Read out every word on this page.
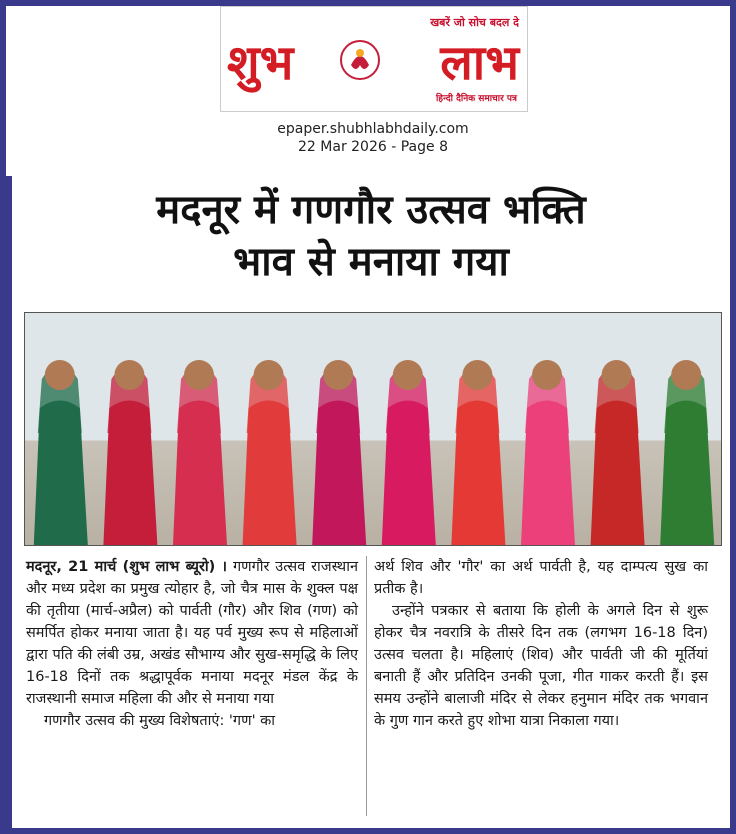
खबरें जो सोच बदल दे
शुभ	लाभ
हिन्दी दैनिक समाचार पत्र
epaper.shubhlabhdaily.com
22 Mar 2026 - Page 8
मदनूर में गणगौर उत्सव भक्ति
भाव से मनाया गया

मदनूर, 21 मार्च (शुभ लाभ ब्यूरो) । गणगौर उत्सव राजस्थान और मध्य प्रदेश का प्रमुख त्योहार है, जो चैत्र मास के शुक्ल पक्ष की तृतीया (मार्च-अप्रैल) को पार्वती (गौर) और शिव (गण) को समर्पित होकर मनाया जाता है। यह पर्व मुख्य रूप से महिलाओं द्वारा पति की लंबी उम्र, अखंड सौभाग्य और सुख-समृद्धि के लिए 16-18 दिनों तक श्रद्धापूर्वक मनाया मदनूर मंडल केंद्र के राजस्थानी समाज महिला की और से मनाया गया

गणगौर उत्सव की मुख्य विशेषताएं: 'गण' का

अर्थ शिव और 'गौर' का अर्थ पार्वती है, यह दाम्पत्य सुख का प्रतीक है।

उन्होंने पत्रकार से बताया कि होली के अगले दिन से शुरू होकर चैत्र नवरात्रि के तीसरे दिन तक (लगभग 16-18 दिन) उत्सव चलता है। महिलाएं (शिव) और पार्वती जी की मूर्तियां बनाती हैं और प्रतिदिन उनकी पूजा, गीत गाकर करती हैं। इस समय उन्होंने बालाजी मंदिर से लेकर हनुमान मंदिर तक भगवान के गुण गान करते हुए शोभा यात्रा निकाला गया।
